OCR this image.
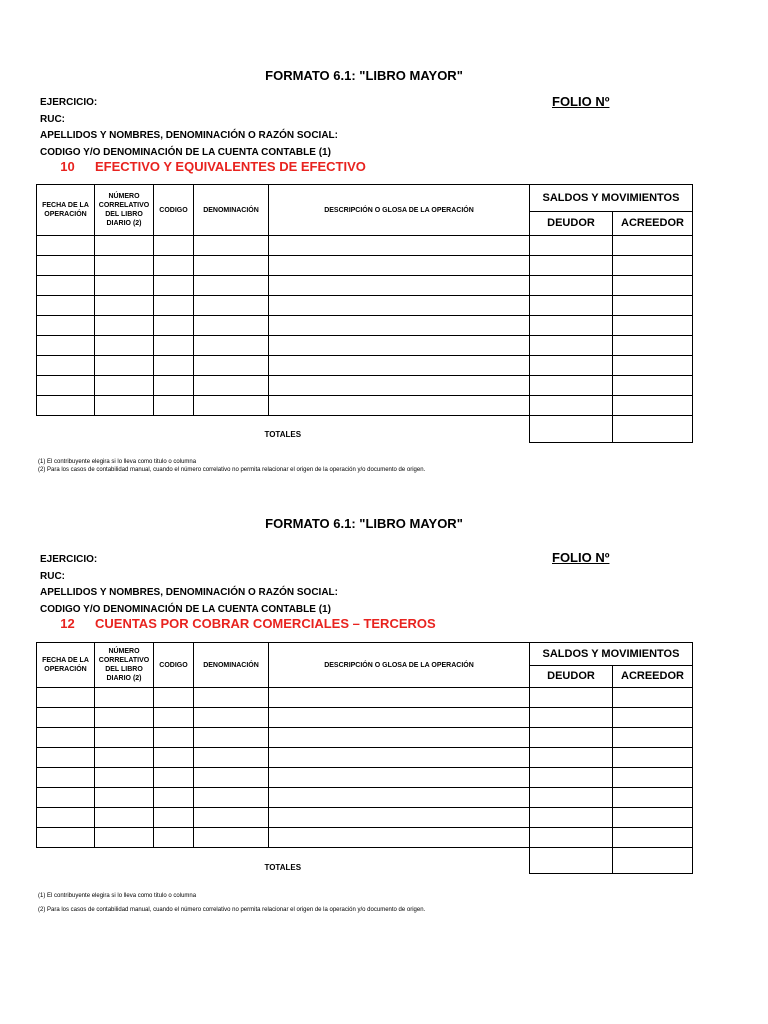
FORMATO 6.1: "LIBRO MAYOR"
EJERCICIO:	FOLIO Nº
RUC:
APELLIDOS Y NOMBRES, DENOMINACIÓN O RAZÓN SOCIAL:
CODIGO Y/O DENOMINACIÓN DE LA CUENTA CONTABLE (1)
10 EFECTIVO Y EQUIVALENTES DE EFECTIVO
FECHA DE LA OPERACIÓN	NÚMERO CORRELATIVO DEL LIBRO DIARIO (2)	CODIGO	DENOMINACIÓN	DESCRIPCIÓN O GLOSA DE LA OPERACIÓN	SALDOS Y MOVIMIENTOS	
					DEUDOR	ACREEDOR

TOTALES						
(1) El contribuyente elegira si lo lleva como titulo o columna
(2) Para los casos de contabilidad manual, cuando el número correlativo no permita relacionar el origen de la operación y/o documento de origen.
FORMATO 6.1: "LIBRO MAYOR"
EJERCICIO:	FOLIO Nº
RUC:
APELLIDOS Y NOMBRES, DENOMINACIÓN O RAZÓN SOCIAL:
CODIGO Y/O DENOMINACIÓN DE LA CUENTA CONTABLE (1)
12 CUENTAS POR COBRAR COMERCIALES – TERCEROS
FECHA DE LA OPERACIÓN	NÚMERO CORRELATIVO DEL LIBRO DIARIO (2)	CODIGO	DENOMINACIÓN	DESCRIPCIÓN O GLOSA DE LA OPERACIÓN	SALDOS Y MOVIMIENTOS	
					DEUDOR	ACREEDOR

TOTALES						
(1) El contribuyente elegira si lo lleva como titulo o columna
(2) Para los casos de contabilidad manual, cuando el número correlativo no permita relacionar el origen de la operación y/o documento de origen.
